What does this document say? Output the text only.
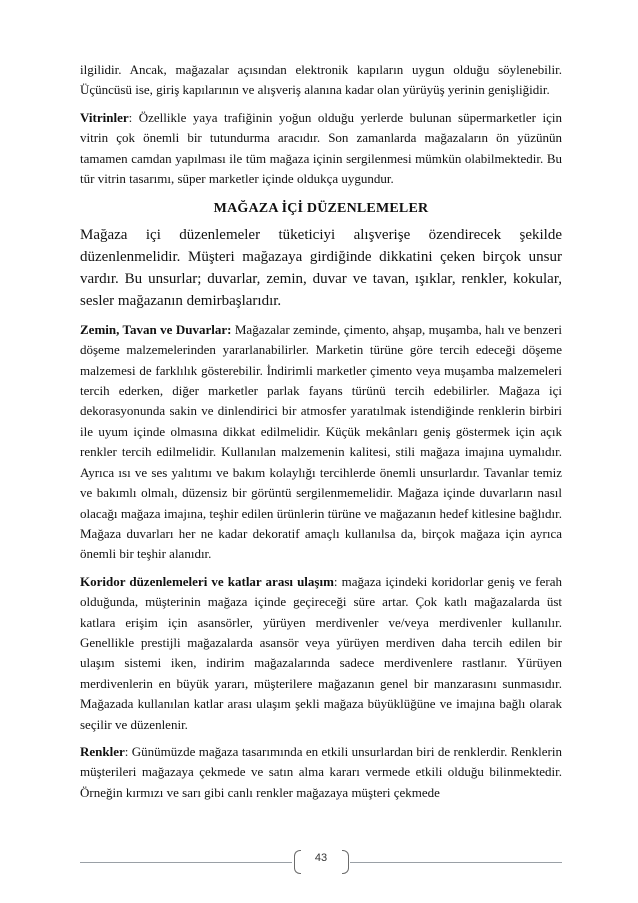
ilgilidir. Ancak, mağazalar açısından elektronik kapıların uygun olduğu söylenebilir. Üçüncüsü ise, giriş kapılarının ve alışveriş alanına kadar olan yürüyüş yerinin genişliğidir.

Vitrinler: Özellikle yaya trafiğinin yoğun olduğu yerlerde bulunan süpermarketler için vitrin çok önemli bir tutundurma aracıdır. Son zamanlarda mağazaların ön yüzünün tamamen camdan yapılması ile tüm mağaza içinin sergilenmesi mümkün olabilmektedir. Bu tür vitrin tasarımı, süper marketler içinde oldukça uygundur.

MAĞAZA İÇİ DÜZENLEMELER

Mağaza içi düzenlemeler tüketiciyi alışverişe özendirecek şekilde düzenlenmelidir. Müşteri mağazaya girdiğinde dikkatini çeken birçok unsur vardır. Bu unsurlar; duvarlar, zemin, duvar ve tavan, ışıklar, renkler, kokular, sesler mağazanın demirbaşlarıdır.

Zemin, Tavan ve Duvarlar: Mağazalar zeminde, çimento, ahşap, muşamba, halı ve benzeri döşeme malzemelerinden yararlanabilirler. Marketin türüne göre tercih edeceği döşeme malzemesi de farklılık gösterebilir. İndirimli marketler çimento veya muşamba malzemeleri tercih ederken, diğer marketler parlak fayans türünü tercih edebilirler. Mağaza içi dekorasyonunda sakin ve dinlendirici bir atmosfer yaratılmak istendiğinde renklerin birbiri ile uyum içinde olmasına dikkat edilmelidir. Küçük mekânları geniş göstermek için açık renkler tercih edilmelidir. Kullanılan malzemenin kalitesi, stili mağaza imajına uymalıdır. Ayrıca ısı ve ses yalıtımı ve bakım kolaylığı tercihlerde önemli unsurlardır. Tavanlar temiz ve bakımlı olmalı, düzensiz bir görüntü sergilenmemelidir. Mağaza içinde duvarların nasıl olacağı mağaza imajına, teşhir edilen ürünlerin türüne ve mağazanın hedef kitlesine bağlıdır. Mağaza duvarları her ne kadar dekoratif amaçlı kullanılsa da, birçok mağaza için ayrıca önemli bir teşhir alanıdır.

Koridor düzenlemeleri ve katlar arası ulaşım: mağaza içindeki koridorlar geniş ve ferah olduğunda, müşterinin mağaza içinde geçireceği süre artar. Çok katlı mağazalarda üst katlara erişim için asansörler, yürüyen merdivenler ve/veya merdivenler kullanılır. Genellikle prestijli mağazalarda asansör veya yürüyen merdiven daha tercih edilen bir ulaşım sistemi iken, indirim mağazalarında sadece merdivenlere rastlanır. Yürüyen merdivenlerin en büyük yararı, müşterilere mağazanın genel bir manzarasını sunmasıdır. Mağazada kullanılan katlar arası ulaşım şekli mağaza büyüklüğüne ve imajına bağlı olarak seçilir ve düzenlenir.

Renkler: Günümüzde mağaza tasarımında en etkili unsurlardan biri de renklerdir. Renklerin müşterileri mağazaya çekmede ve satın alma kararı vermede etkili olduğu bilinmektedir. Örneğin kırmızı ve sarı gibi canlı renkler mağazaya müşteri çekmede

43
